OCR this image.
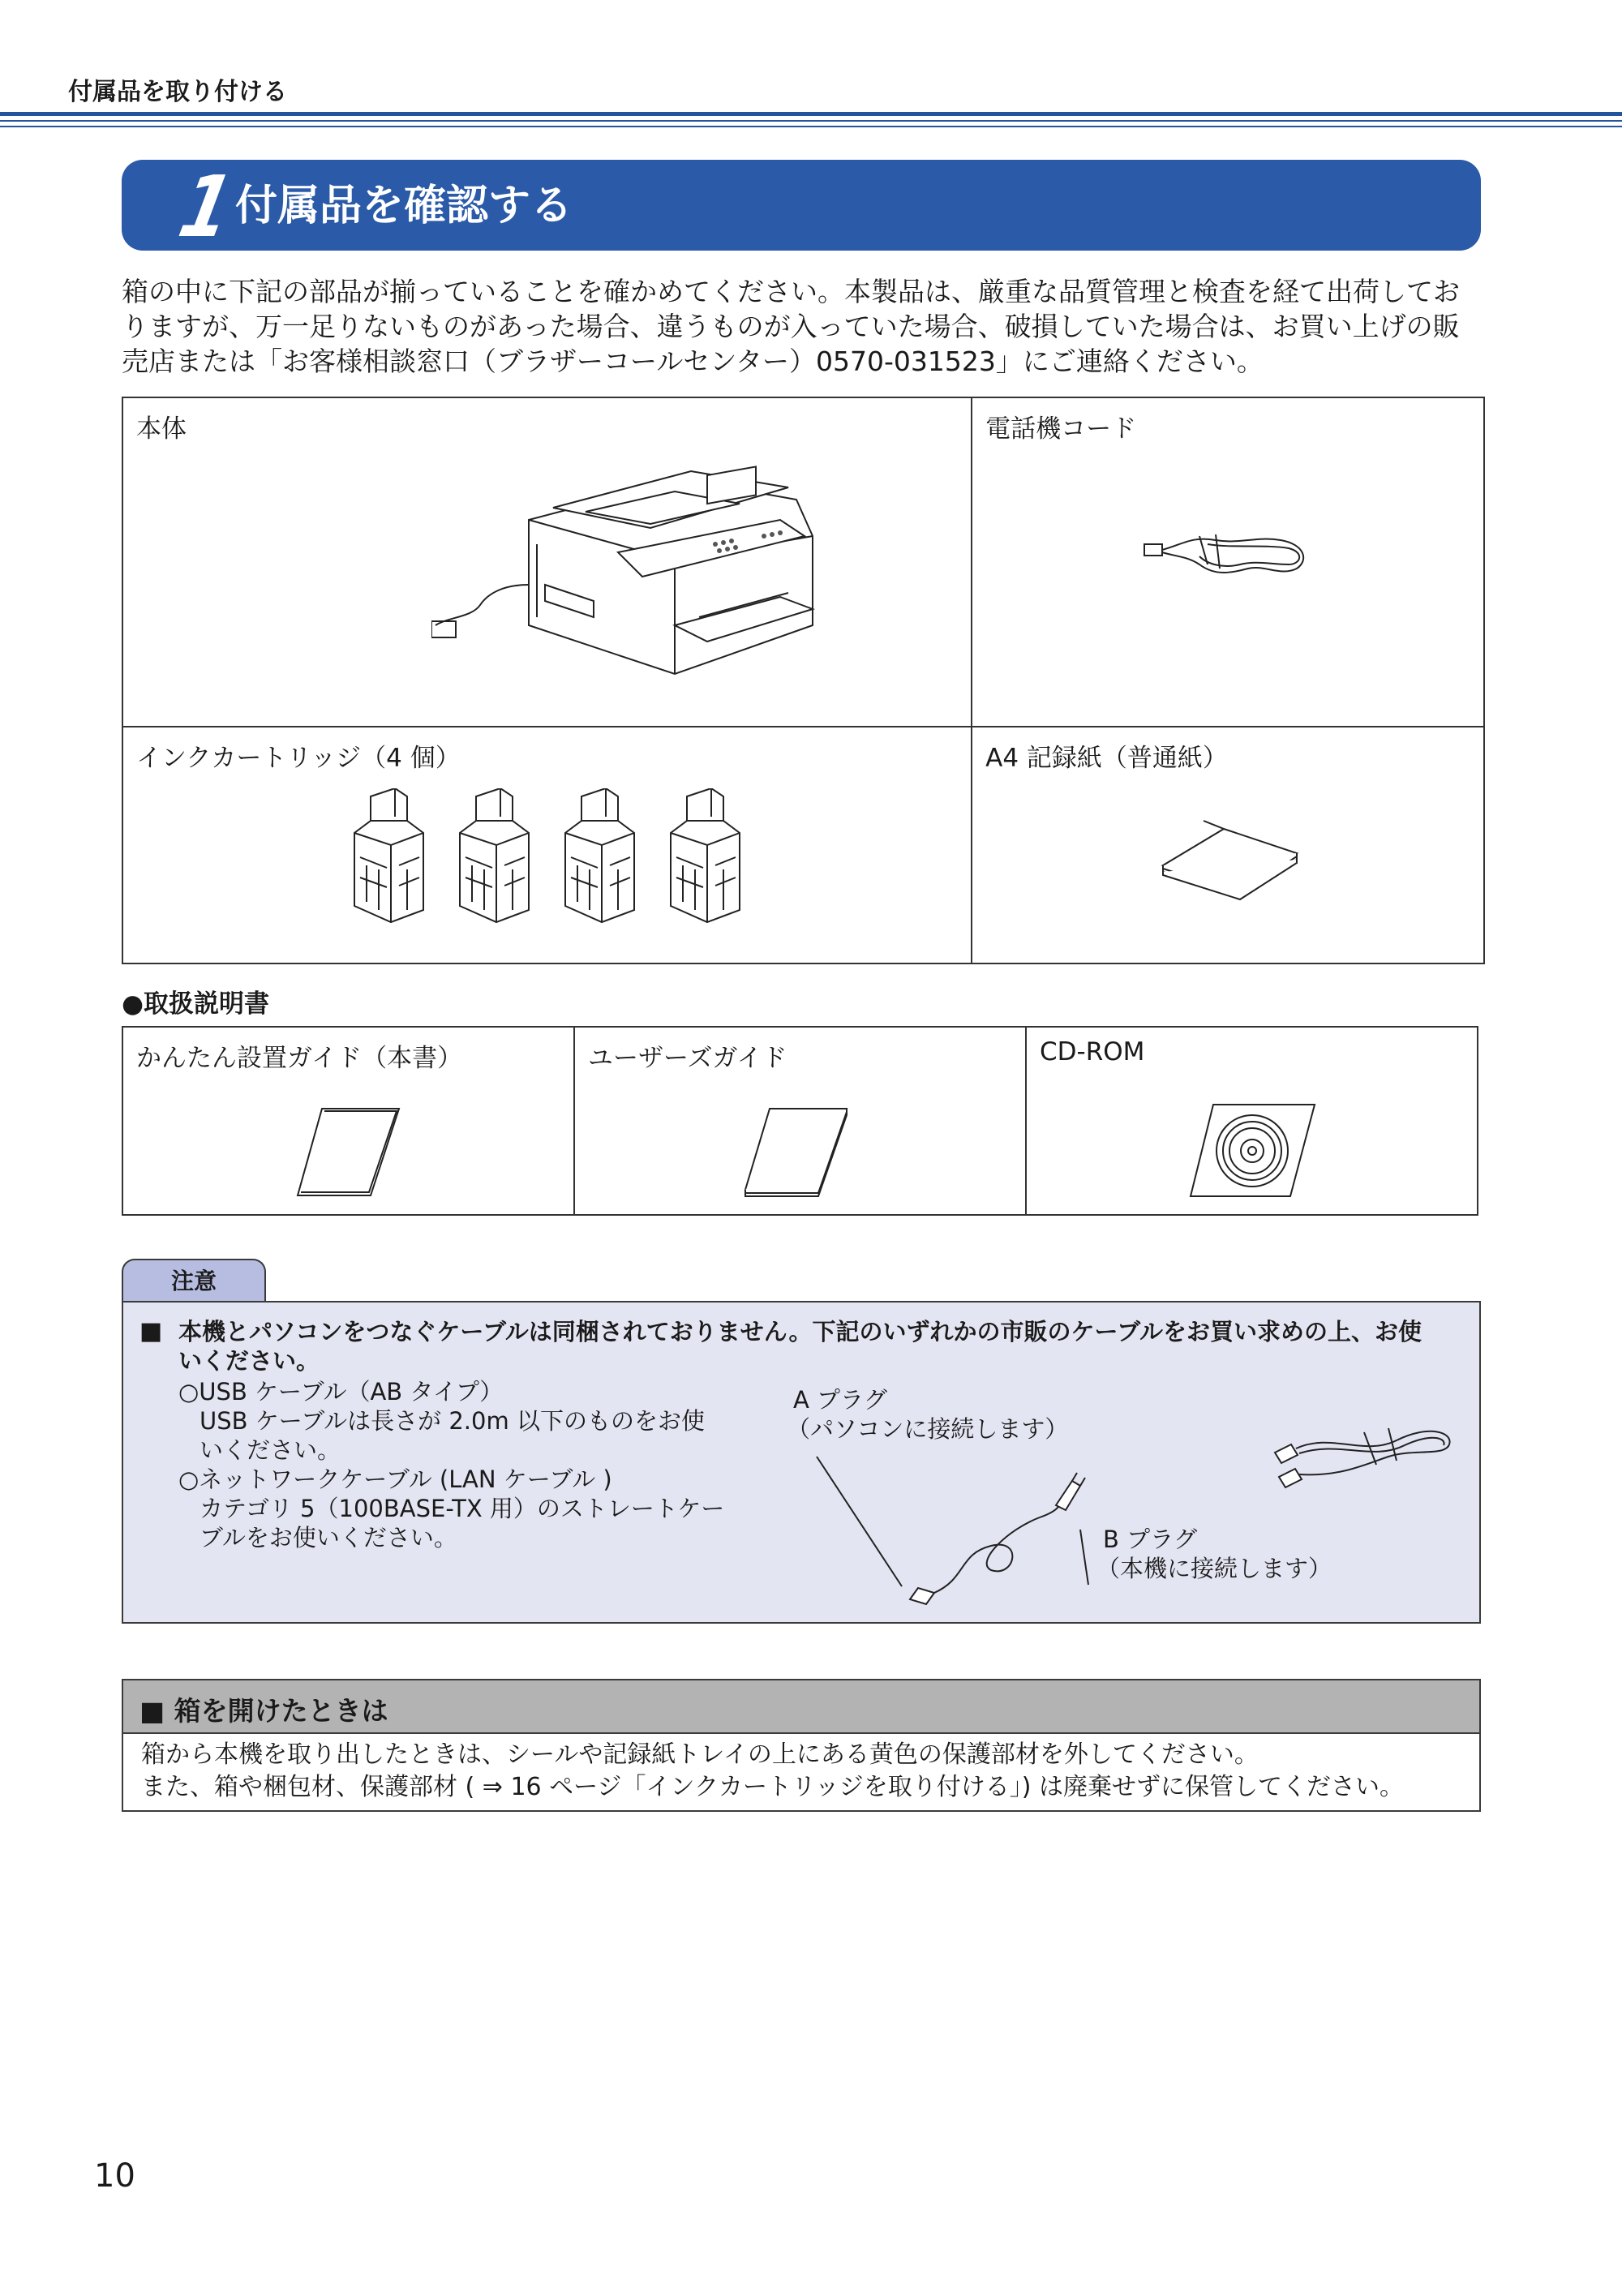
付属品を取り付ける
1
付属品を確認する
箱の中に下記の部品が揃っていることを確かめてください。本製品は、厳重な品質管理と検査を経て出荷してお
りますが、万一足りないものがあった場合、違うものが入っていた場合、破損していた場合は、お買い上げの販
売店または「お客様相談窓口（ブラザーコールセンター）0570-031523」にご連絡ください。
本体	電話機コード

インクカートリッジ（4 個）	A4 記録紙（普通紙）
●取扱説明書
かんたん設置ガイド（本書）	ユーザーズガイド	CD-ROM
注意
■ 本機とパソコンをつなぐケーブルは同梱されておりません。下記のいずれかの市販のケーブルをお買い求めの上、お使
いください。
○USB ケーブル（AB タイプ）
USB ケーブルは長さが 2.0m 以下のものをお使
いください。
○ネットワークケーブル (LAN ケーブル )
カテゴリ 5（100BASE-TX 用）のストレートケー
ブルをお使いください。
A プラグ
（パソコンに接続します）
B プラグ
（本機に接続します）
■ 箱を開けたときは
箱から本機を取り出したときは、シールや記録紙トレイの上にある黄色の保護部材を外してください。
また、箱や梱包材、保護部材 ( ⇒ 16 ページ「インクカートリッジを取り付ける」) は廃棄せずに保管してください。
10
